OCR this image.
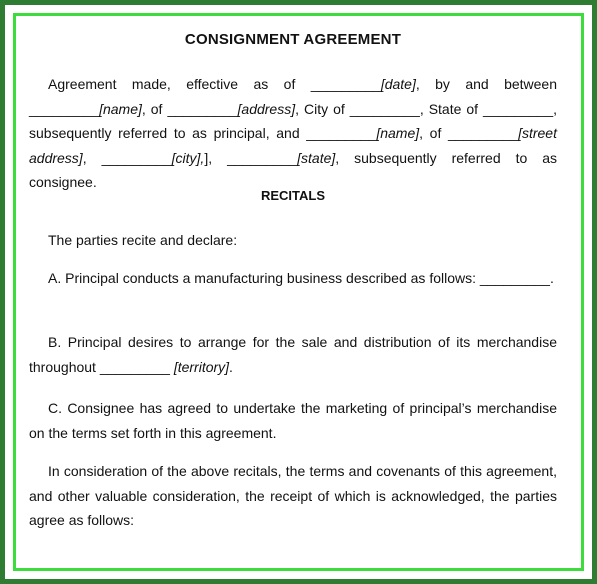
CONSIGNMENT AGREEMENT
Agreement made, effective as of _________[date], by and between _________[name], of _________[address], City of _________, State of _________, subsequently referred to as principal, and _________[name], of _________[street address], _________[city],], _________[state], subsequently referred to as consignee.
RECITALS
The parties recite and declare:
A. Principal conducts a manufacturing business described as follows: _________.
B. Principal desires to arrange for the sale and distribution of its merchandise throughout _________ [territory].
C. Consignee has agreed to undertake the marketing of principal’s merchandise on the terms set forth in this agreement.
In consideration of the above recitals, the terms and covenants of this agreement, and other valuable consideration, the receipt of which is acknowledged, the parties agree as follows:
